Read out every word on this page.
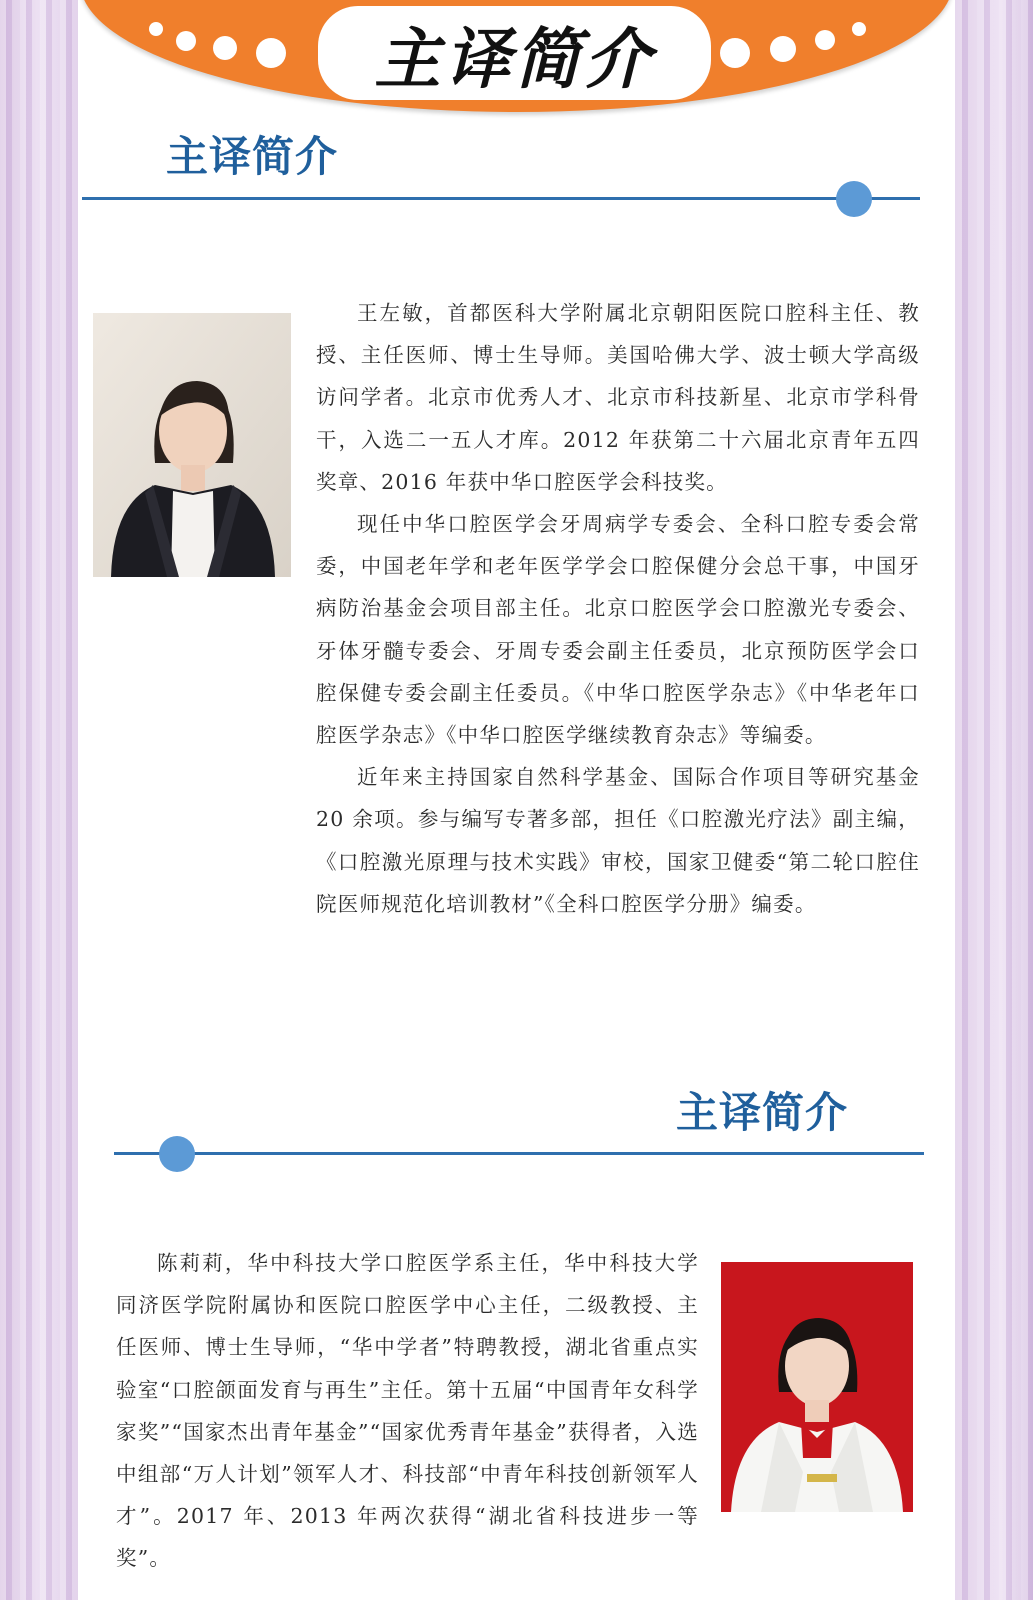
主译简介
主译简介

王左敏，首都医科大学附属北京朝阳医院口腔科主任、教授、主任医师、博士生导师。美国哈佛大学、波士顿大学高级访问学者。北京市优秀人才、北京市科技新星、北京市学科骨干，入选二一五人才库。2012 年获第二十六届北京青年五四奖章、2016 年获中华口腔医学会科技奖。

现任中华口腔医学会牙周病学专委会、全科口腔专委会常委，中国老年学和老年医学学会口腔保健分会总干事，中国牙病防治基金会项目部主任。北京口腔医学会口腔激光专委会、牙体牙髓专委会、牙周专委会副主任委员，北京预防医学会口腔保健专委会副主任委员。《中华口腔医学杂志》《中华老年口腔医学杂志》《中华口腔医学继续教育杂志》等编委。

近年来主持国家自然科学基金、国际合作项目等研究基金 20 余项。参与编写专著多部，担任《口腔激光疗法》副主编，《口腔激光原理与技术实践》审校，国家卫健委“第二轮口腔住院医师规范化培训教材”《全科口腔医学分册》编委。

主译简介

陈莉莉，华中科技大学口腔医学系主任，华中科技大学同济医学院附属协和医院口腔医学中心主任，二级教授、主任医师、博士生导师，“华中学者”特聘教授，湖北省重点实验室“口腔颌面发育与再生”主任。第十五届“中国青年女科学家奖”“国家杰出青年基金”“国家优秀青年基金”获得者，入选中组部“万人计划”领军人才、科技部“中青年科技创新领军人才”。2017 年、2013 年两次获得“湖北省科技进步一等奖”。
